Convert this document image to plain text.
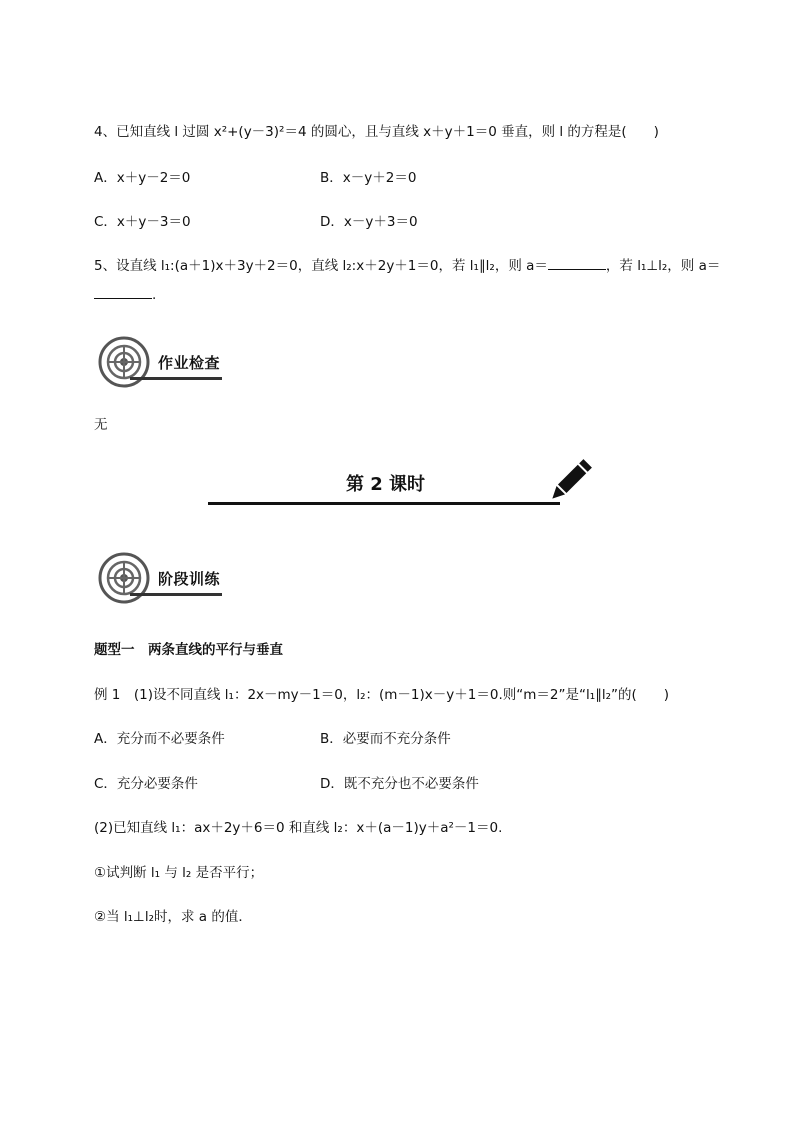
4、已知直线 l 过圆 x²+(y－3)²＝4 的圆心，且与直线 x＋y＋1＝0 垂直，则 l 的方程是(　　)
A．x＋y－2＝0	B．x－y＋2＝0
C．x＋y－3＝0	D．x－y＋3＝0
5、设直线 l₁:(a＋1)x＋3y＋2＝0，直线 l₂:x＋2y＋1＝0，若 l₁∥l₂，则 a＝	，若 l₁⊥l₂，则 a＝
.
作业检查
无
第 2 课时
阶段训练
题型一　两条直线的平行与垂直
例 1　(1)设不同直线 l₁：2x－my－1＝0，l₂：(m－1)x－y＋1＝0.则“m＝2”是“l₁∥l₂”的(　　)
A．充分而不必要条件	B．必要而不充分条件
C．充分必要条件	D．既不充分也不必要条件
(2)已知直线 l₁：ax＋2y＋6＝0 和直线 l₂：x＋(a－1)y＋a²－1＝0.
①试判断 l₁ 与 l₂ 是否平行；
②当 l₁⊥l₂时，求 a 的值．
